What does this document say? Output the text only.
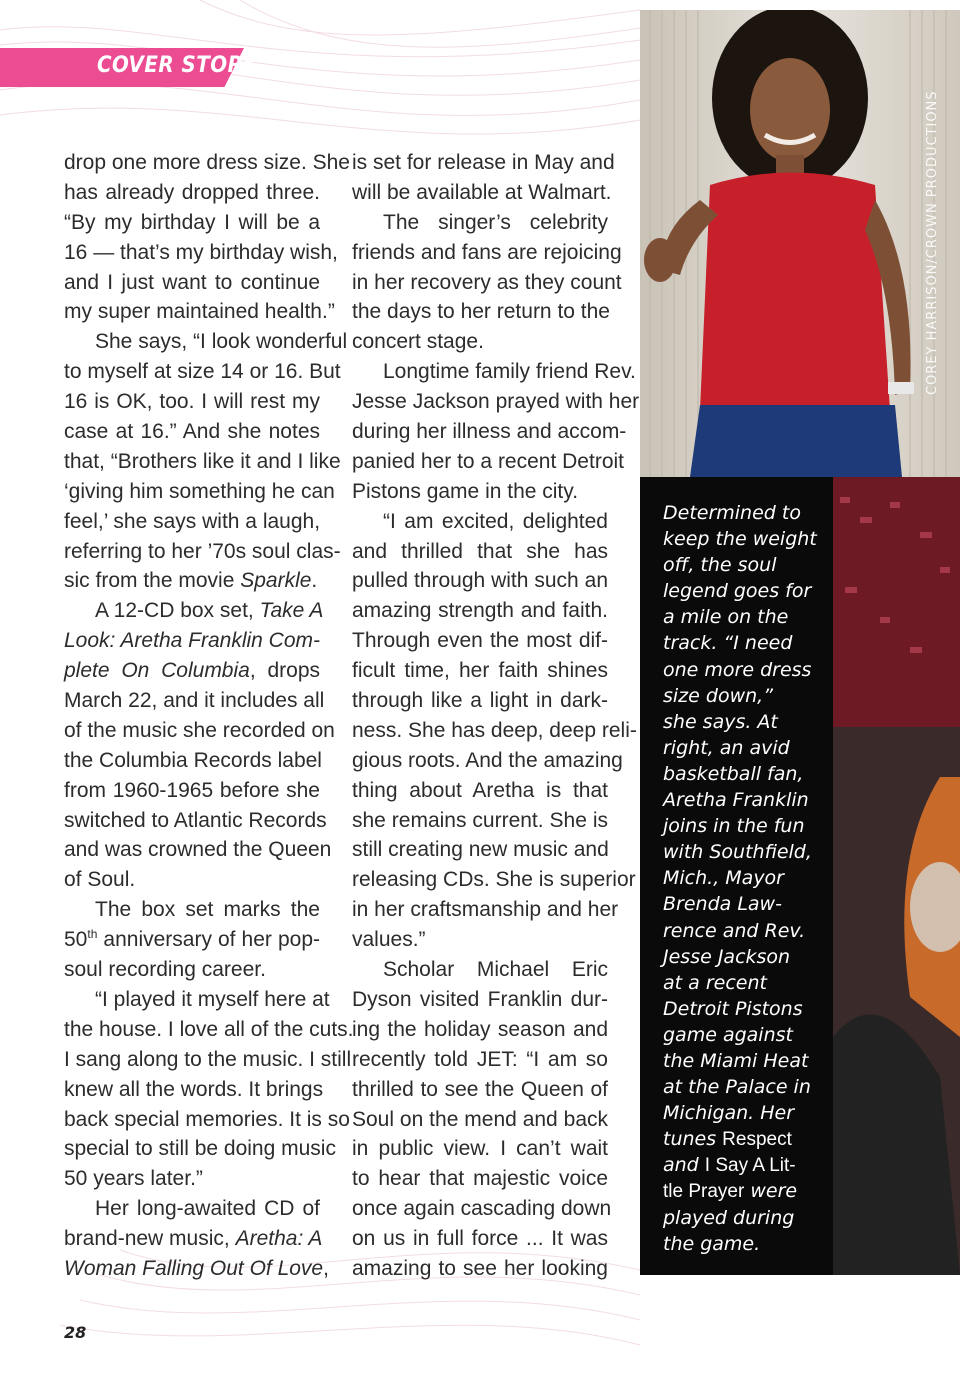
COVER STORY
drop one more dress size. She
has already dropped three.
“By my birthday I will be a
16 — that’s my birthday wish,
and I just want to continue
my super maintained health.”
She says, “I look wonderful
to myself at size 14 or 16. But
16 is OK, too. I will rest my
case at 16.” And she notes
that, “Brothers like it and I like
‘giving him something he can
feel,’ she says with a laugh,
referring to her ’70s soul clas-
sic from the movie Sparkle.
A 12-CD box set, Take A
Look: Aretha Franklin Com-
plete On Columbia, drops
March 22, and it includes all
of the music she recorded on
the Columbia Records label
from 1960-1965 before she
switched to Atlantic Records
and was crowned the Queen
of Soul.
The box set marks the
50th anniversary of her pop-
soul recording career.
“I played it myself here at
the house. I love all of the cuts.
I sang along to the music. I still
knew all the words. It brings
back special memories. It is so
special to still be doing music
50 years later.”
Her long-awaited CD of
brand-new music, Aretha: A
Woman Falling Out Of Love,
is set for release in May and
will be available at Walmart.
The singer’s celebrity
friends and fans are rejoicing
in her recovery as they count
the days to her return to the
concert stage.
Longtime family friend Rev.
Jesse Jackson prayed with her
during her illness and accom-
panied her to a recent Detroit
Pistons game in the city.
“I am excited, delighted
and thrilled that she has
pulled through with such an
amazing strength and faith.
Through even the most dif-
ficult time, her faith shines
through like a light in dark-
ness. She has deep, deep reli-
gious roots. And the amazing
thing about Aretha is that
she remains current. She is
still creating new music and
releasing CDs. She is superior
in her craftsmanship and her
values.”
Scholar Michael Eric
Dyson visited Franklin dur-
ing the holiday season and
recently told JET: “I am so
thrilled to see the Queen of
Soul on the mend and back
in public view. I can’t wait
to hear that majestic voice
once again cascading down
on us in full force ... It was
amazing to see her looking
28
COREY HARRISON/CROWN PRODUCTIONS
Determined to
keep the weight
off, the soul
legend goes for
a mile on the
track. “I need
one more dress
size down,”
she says. At
right, an avid
basketball fan,
Aretha Franklin
joins in the fun
with Southfield,
Mich., Mayor
Brenda Law-
rence and Rev.
Jesse Jackson
at a recent
Detroit Pistons
game against
the Miami Heat
at the Palace in
Michigan. Her
tunes Respect
and I Say A Lit-
tle Prayer were
played during
the game.
